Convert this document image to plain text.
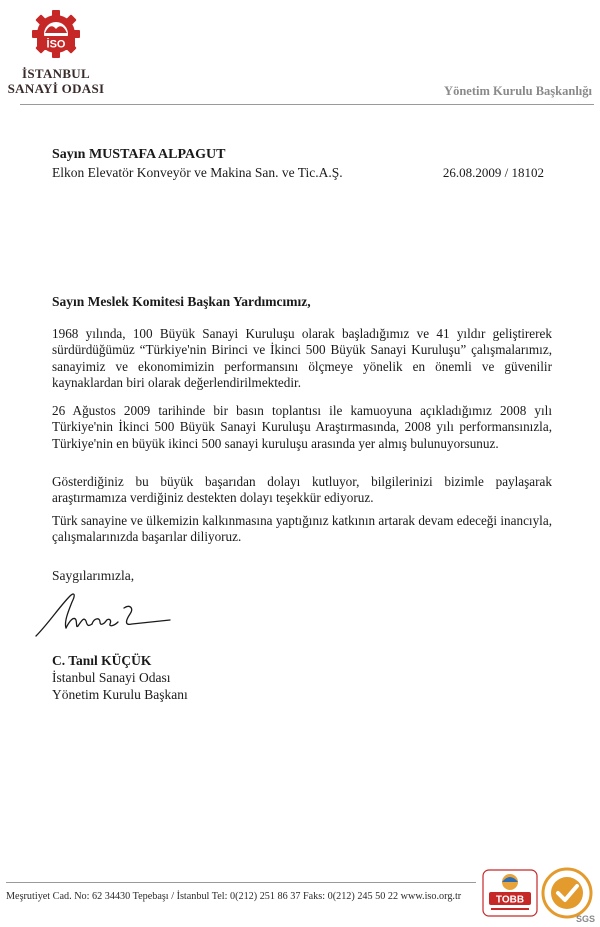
İSO
İSTANBUL
SANAYİ ODASI	Yönetim Kurulu Başkanlığı
Sayın MUSTAFA ALPAGUT
Elkon Elevatör Konveyör ve Makina San. ve Tic.A.Ş.	26.08.2009 / 18102
Sayın Meslek Komitesi Başkan Yardımcımız,
1968 yılında, 100 Büyük Sanayi Kuruluşu olarak başladığımız ve 41 yıldır geliştirerek sürdürdüğümüz “Türkiye'nin Birinci ve İkinci 500 Büyük Sanayi Kuruluşu” çalışmalarımız, sanayimiz ve ekonomimizin performansını ölçmeye yönelik en önemli ve güvenilir kaynaklardan biri olarak değerlendirilmektedir.
26 Ağustos 2009 tarihinde bir basın toplantısı ile kamuoyuna açıkladığımız 2008 yılı Türkiye'nin İkinci 500 Büyük Sanayi Kuruluşu Araştırmasında, 2008 yılı performansınızla, Türkiye'nin en büyük ikinci 500 sanayi kuruluşu arasında yer almış bulunuyorsunuz.
Gösterdiğiniz bu büyük başarıdan dolayı kutluyor, bilgilerinizi bizimle paylaşarak araştırmamıza verdiğiniz destekten dolayı teşekkür ediyoruz.
Türk sanayine ve ülkemizin kalkınmasına yaptığınız katkının artarak devam edeceği inancıyla, çalışmalarınızda başarılar diliyoruz.
Saygılarımızla,
C. Tanıl KÜÇÜK
İstanbul Sanayi Odası
Yönetim Kurulu Başkanı
Meşrutiyet Cad. No: 62 34430 Tepebaşı / İstanbul Tel: 0(212) 251 86 37 Faks: 0(212) 245 50 22 www.iso.org.tr	TOBB
SGS
